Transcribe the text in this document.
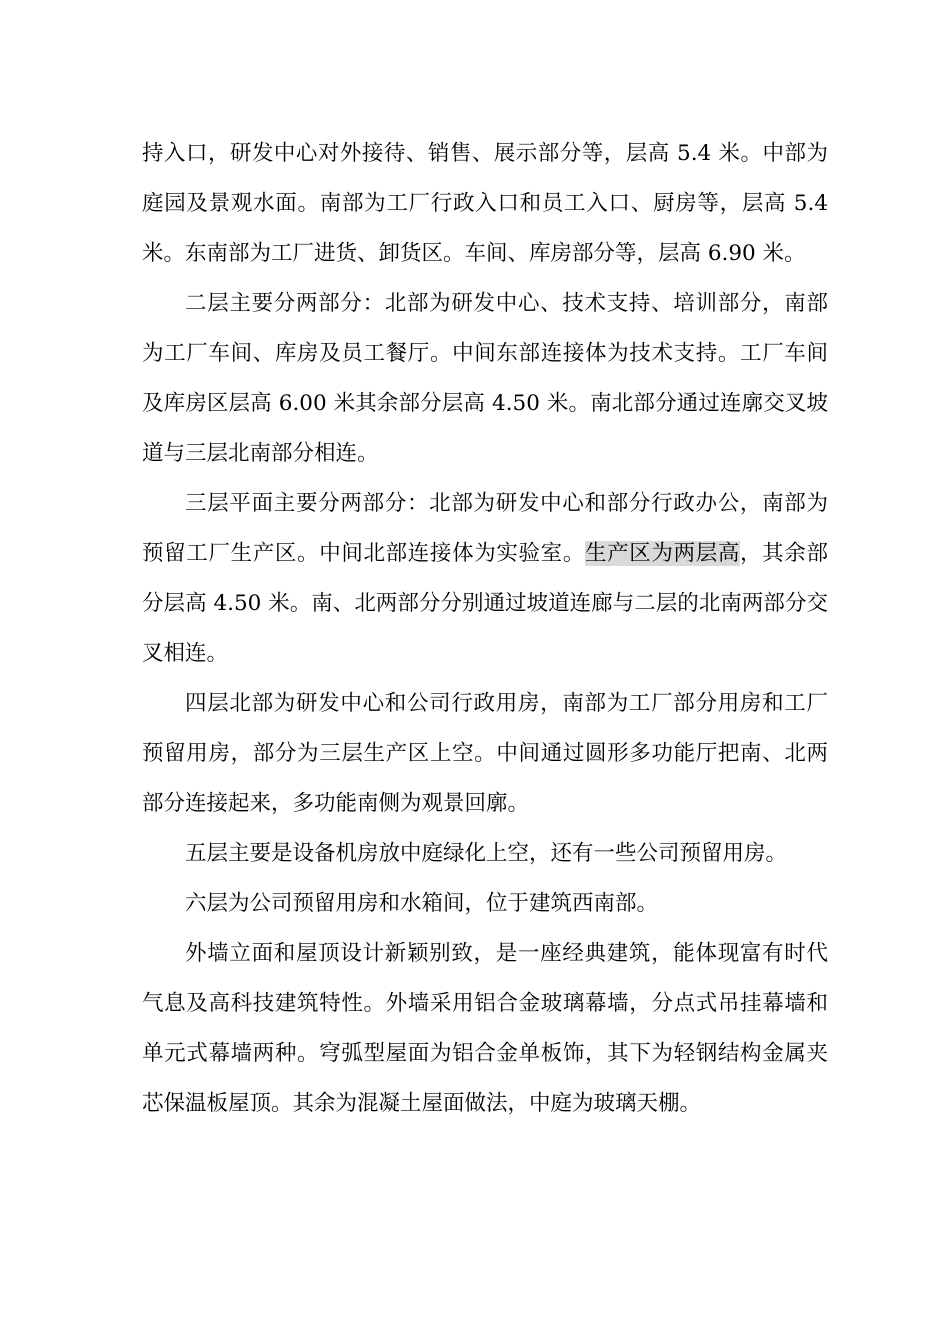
持入口，研发中心对外接待、销售、展示部分等，层高 5.4 米。中部为庭园及景观水面。南部为工厂行政入口和员工入口、厨房等，层高 5.4 米。东南部为工厂进货、卸货区。车间、库房部分等，层高 6.90 米。

二层主要分两部分：北部为研发中心、技术支持、培训部分，南部为工厂车间、库房及员工餐厅。中间东部连接体为技术支持。工厂车间及库房区层高 6.00 米其余部分层高 4.50 米。南北部分通过连廓交叉坡道与三层北南部分相连。

三层平面主要分两部分：北部为研发中心和部分行政办公，南部为预留工厂生产区。中间北部连接体为实验室。生产区为两层高，其余部分层高 4.50 米。南、北两部分分别通过坡道连廊与二层的北南两部分交叉相连。

四层北部为研发中心和公司行政用房，南部为工厂部分用房和工厂预留用房，部分为三层生产区上空。中间通过圆形多功能厅把南、北两部分连接起来，多功能南侧为观景回廓。

五层主要是设备机房放中庭绿化上空，还有一些公司预留用房。

六层为公司预留用房和水箱间，位于建筑西南部。

外墙立面和屋顶设计新颖别致，是一座经典建筑，能体现富有时代气息及高科技建筑特性。外墙采用铝合金玻璃幕墙，分点式吊挂幕墙和单元式幕墙两种。穹弧型屋面为铝合金单板饰，其下为轻钢结构金属夹芯保温板屋顶。其余为混凝土屋面做法，中庭为玻璃天棚。
